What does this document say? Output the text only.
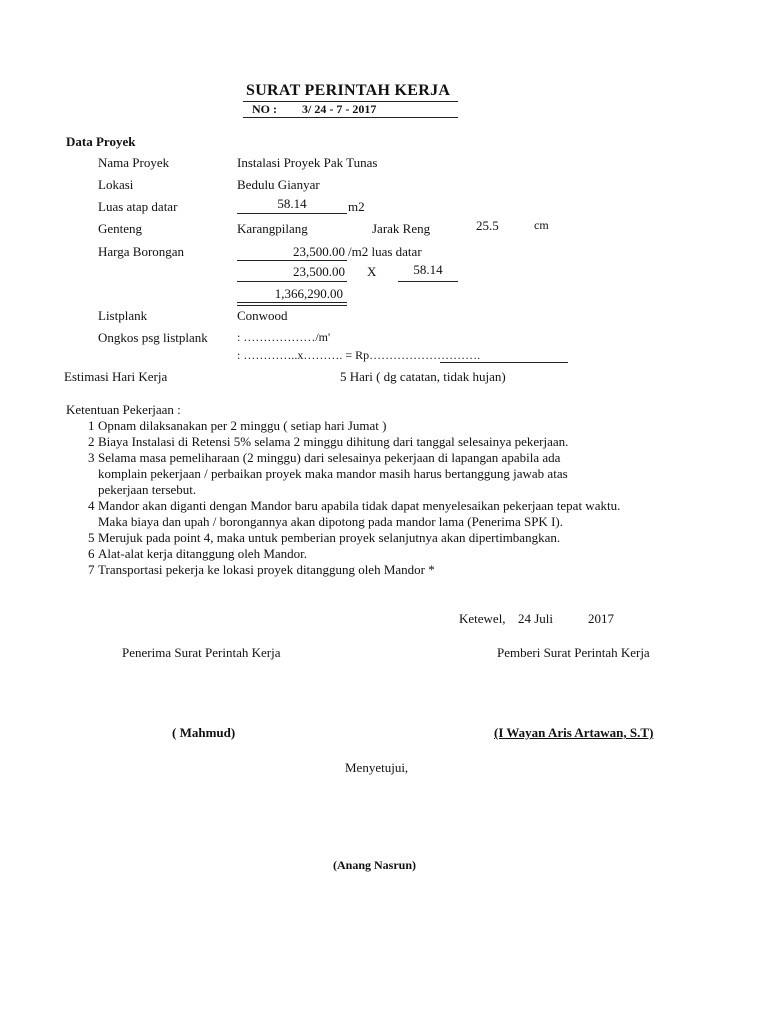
SURAT PERINTAH KERJA
NO : 3/ 24 - 7 - 2017
Data Proyek
Nama Proyek	Instalasi Proyek Pak Tunas
Lokasi	Bedulu Gianyar
Luas atap datar	58.14	m2
Genteng	Karangpilang	Jarak Reng	25.5	cm
Harga Borongan	23,500.00 /m2 luas datar
23,500.00 X	58.14
1,366,290.00
Listplank	Conwood
Ongkos psg listplank : ………………/m'
: …………..x………. = Rp……………………….
Estimasi Hari Kerja	5 Hari ( dg catatan, tidak hujan)
Ketentuan Pekerjaan :
1 Opnam dilaksanakan per 2 minggu ( setiap hari Jumat )
2 Biaya Instalasi di Retensi 5% selama 2 minggu dihitung dari tanggal selesainya pekerjaan.
3 Selama masa pemeliharaan (2 minggu) dari selesainya pekerjaan di lapangan apabila ada
komplain pekerjaan / perbaikan proyek maka mandor masih harus bertanggung jawab atas
pekerjaan tersebut.
4 Mandor akan diganti dengan Mandor baru apabila tidak dapat menyelesaikan pekerjaan tepat waktu.
Maka biaya dan upah / borongannya akan dipotong pada mandor lama (Penerima SPK I).
5 Merujuk pada point 4, maka untuk pemberian proyek selanjutnya akan dipertimbangkan.
6 Alat-alat kerja ditanggung oleh Mandor.
7 Transportasi pekerja ke lokasi proyek ditanggung oleh Mandor *
Ketewel, 24 Juli	2017
Penerima Surat Perintah Kerja	Pemberi Surat Perintah Kerja
( Mahmud)	(I Wayan Aris Artawan, S.T)
Menyetujui,
(Anang Nasrun)
